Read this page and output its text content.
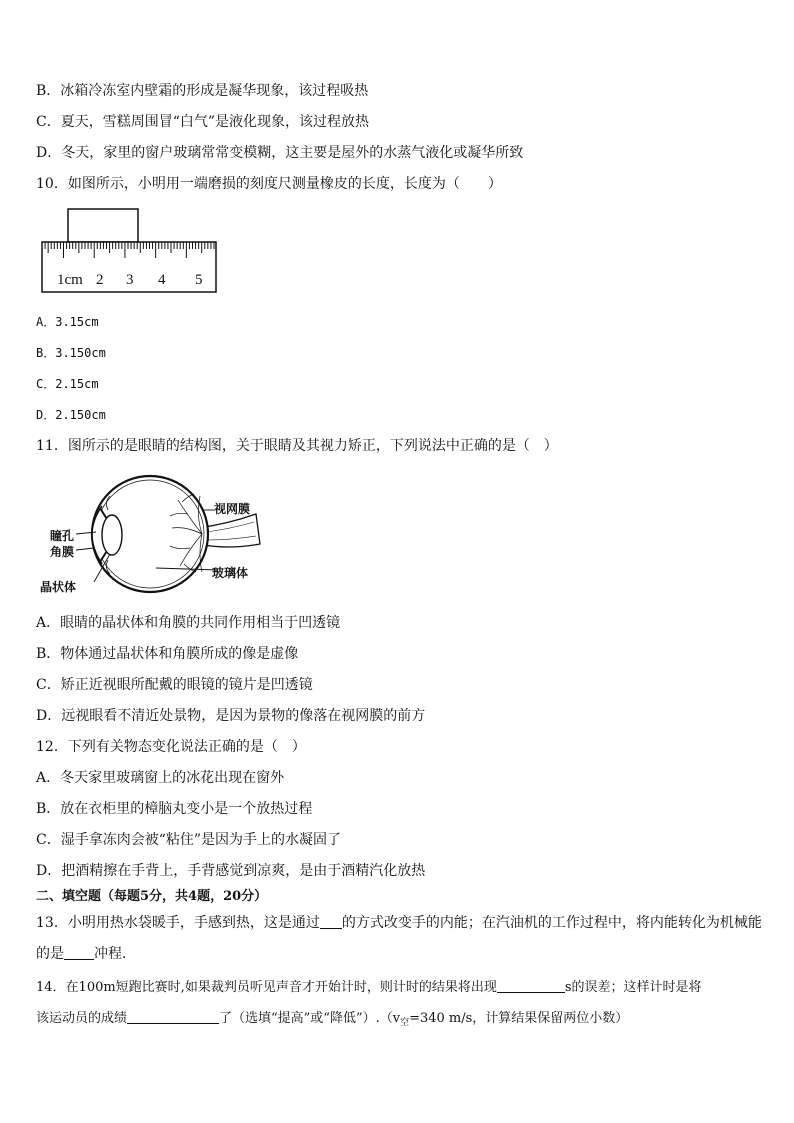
B．冰箱冷冻室内壁霜的形成是凝华现象，该过程吸热
C．夏天，雪糕周围冒“白气”是液化现象，该过程放热
D．冬天，家里的窗户玻璃常常变模糊，这主要是屋外的水蒸气液化或凝华所致
10．如图所示，小明用一端磨损的刻度尺测量橡皮的长度，长度为（　　）
1cm 2 3 4 5
A．3.15cm
B．3.150cm
C．2.15cm
D．2.150cm
11．图所示的是眼睛的结构图，关于眼睛及其视力矫正，下列说法中正确的是（　）
视网膜
瞳孔
角膜
玻璃体
晶状体
A．眼睛的晶状体和角膜的共同作用相当于凹透镜
B．物体通过晶状体和角膜所成的像是虚像
C．矫正近视眼所配戴的眼镜的镜片是凹透镜
D．远视眼看不清近处景物，是因为景物的像落在视网膜的前方
12．下列有关物态变化说法正确的是（　）
A．冬天家里玻璃窗上的冰花出现在窗外
B．放在衣柜里的樟脑丸变小是一个放热过程
C．湿手拿冻肉会被“粘住”是因为手上的水凝固了
D．把酒精擦在手背上，手背感觉到凉爽，是由于酒精汽化放热
二、填空题（每题5分，共4题，20分）
13．小明用热水袋暖手，手感到热，这是通过 的方式改变手的内能；在汽油机的工作过程中，将内能转化为机械能
的是 冲程．
14．在100m短跑比赛时,如果裁判员听见声音才开始计时，则计时的结果将出现	s的误差；这样计时是将
该运动员的成绩	了（选填“提高”或“降低$”).(v_空=340$ m/s，计算结果保留两位小数）
